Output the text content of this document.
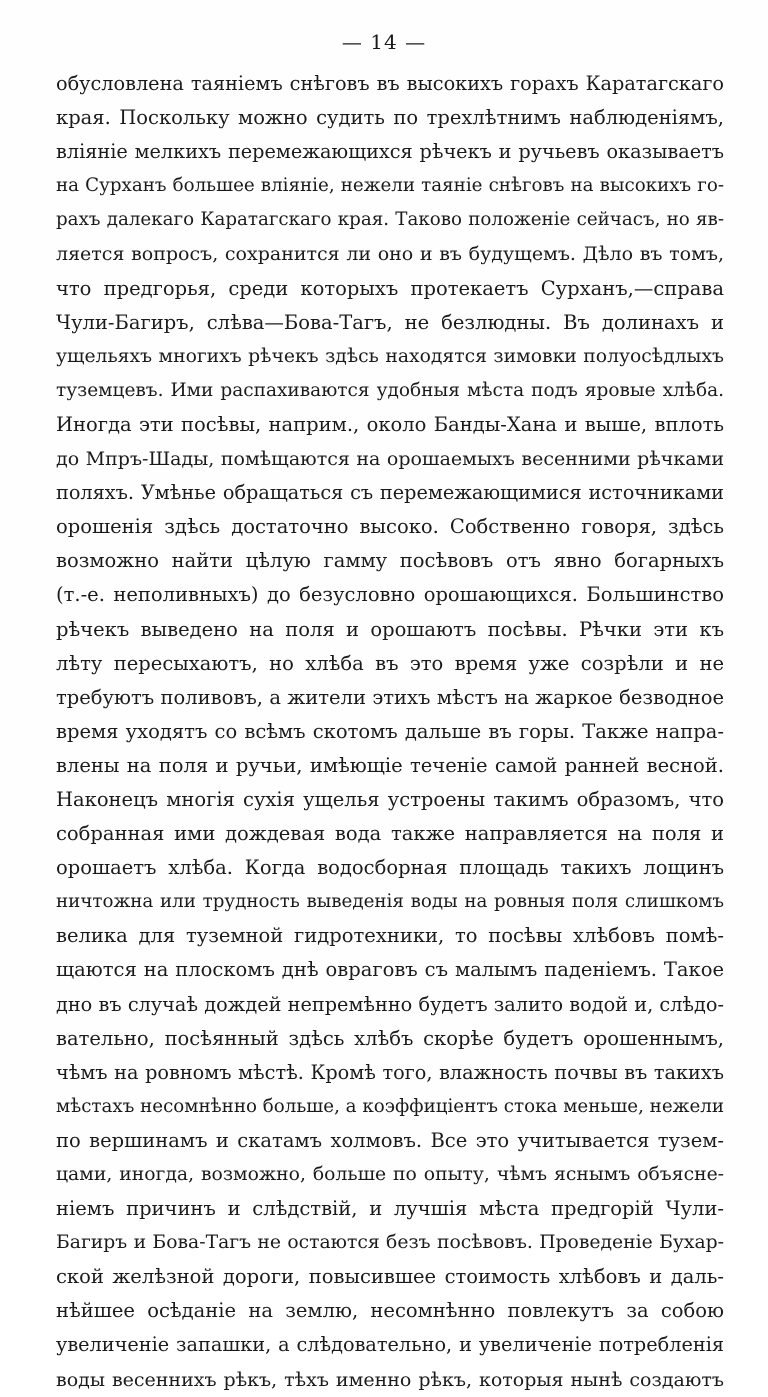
— 14 —
обусловлена таяніемъ снѣговъ въ высокихъ горахъ Каратагскаго
края. Поскольку можно судить по трехлѣтнимъ наблюденіямъ,
вліяніе мелкихъ перемежающихся рѣчекъ и ручьевъ оказываетъ
на Сурханъ большее вліяніе, нежели таяніе снѣговъ на высокихъ го-
рахъ далекаго Каратагскаго края. Таково положеніе сейчасъ, но яв-
ляется вопросъ, сохранится ли оно и въ будущемъ. Дѣло въ томъ,
что предгорья, среди которыхъ протекаетъ Сурханъ,—справа
Чули-Багиръ, слѣва—Бова-Тагъ, не безлюдны. Въ долинахъ и
ущельяхъ многихъ рѣчекъ здѣсь находятся зимовки полуосѣдлыхъ
туземцевъ. Ими распахиваются удобныя мѣста подъ яровые хлѣба.
Иногда эти посѣвы, наприм., около Банды-Хана и выше, вплоть
до Мпръ-Шады, помѣщаются на орошаемыхъ весенними рѣчками
поляхъ. Умѣнье обращаться съ перемежающимися источниками
орошенія здѣсь достаточно высоко. Собственно говоря, здѣсь
возможно найти цѣлую гамму посѣвовъ отъ явно богарныхъ
(т.-е. неполивныхъ) до безусловно орошающихся. Большинство
рѣчекъ выведено на поля и орошаютъ посѣвы. Рѣчки эти къ
лѣту пересыхаютъ, но хлѣба въ это время уже созрѣли и не
требуютъ поливовъ, а жители этихъ мѣстъ на жаркое безводное
время уходятъ со всѣмъ скотомъ дальше въ горы. Также напра-
влены на поля и ручьи, имѣющіе теченіе самой ранней весной.
Наконецъ многія сухія ущелья устроены такимъ образомъ, что
собранная ими дождевая вода также направляется на поля и
орошаетъ хлѣба. Когда водосборная площадь такихъ лощинъ
ничтожна или трудность выведенія воды на ровныя поля слишкомъ
велика для туземной гидротехники, то посѣвы хлѣбовъ помѣ-
щаются на плоскомъ днѣ овраговъ съ малымъ паденіемъ. Такое
дно въ случаѣ дождей непремѣнно будетъ залито водой и, слѣдо-
вательно, посѣянный здѣсь хлѣбъ скорѣе будетъ орошеннымъ,
чѣмъ на ровномъ мѣстѣ. Кромѣ того, влажность почвы въ такихъ
мѣстахъ несомнѣнно больше, а коэффиціентъ стока меньше, нежели
по вершинамъ и скатамъ холмовъ. Все это учитывается тузем-
цами, иногда, возможно, больше по опыту, чѣмъ яснымъ объясне-
ніемъ причинъ и слѣдствій, и лучшія мѣста предгорій Чули-
Багиръ и Бова-Тагъ не остаются безъ посѣвовъ. Проведеніе Бухар-
ской желѣзной дороги, повысившее стоимость хлѣбовъ и даль-
нѣйшее осѣданіе на землю, несомнѣнно повлекутъ за собою
увеличеніе запашки, а слѣдовательно, и увеличеніе потребленія
воды весеннихъ рѣкъ, тѣхъ именно рѣкъ, которыя нынѣ создаютъ
